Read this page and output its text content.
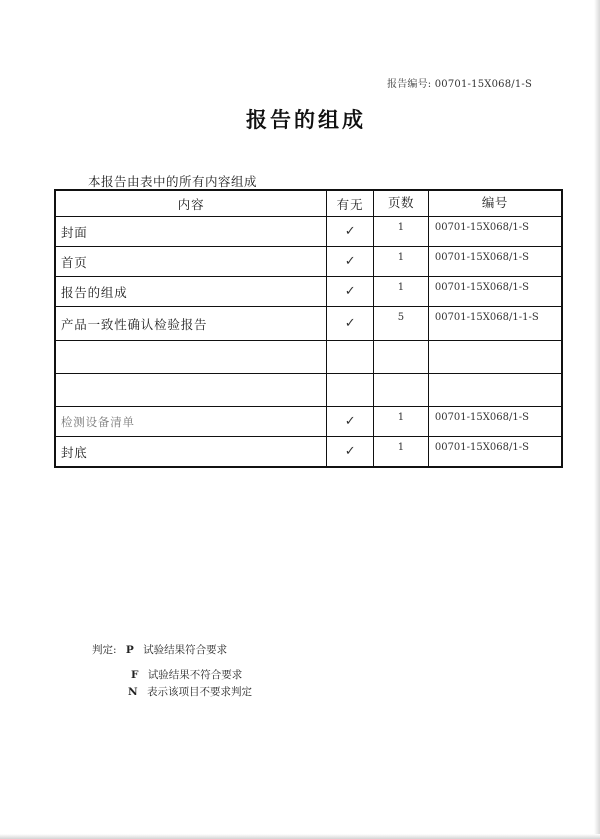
报告编号: 00701-15X068/1-S
报告的组成
本报告由表中的所有内容组成
内容	有无	页数	编号
封面	✓	1	00701-15X068/1-S
首页	✓	1	00701-15X068/1-S
报告的组成	✓	1	00701-15X068/1-S
产品一致性确认检验报告	✓	5	00701-15X068/1-1-S

检测设备清单	✓	1	00701-15X068/1-S
封底	✓	1	00701-15X068/1-S
判定: P 试验结果符合要求
F 试验结果不符合要求
N 表示该项目不要求判定
